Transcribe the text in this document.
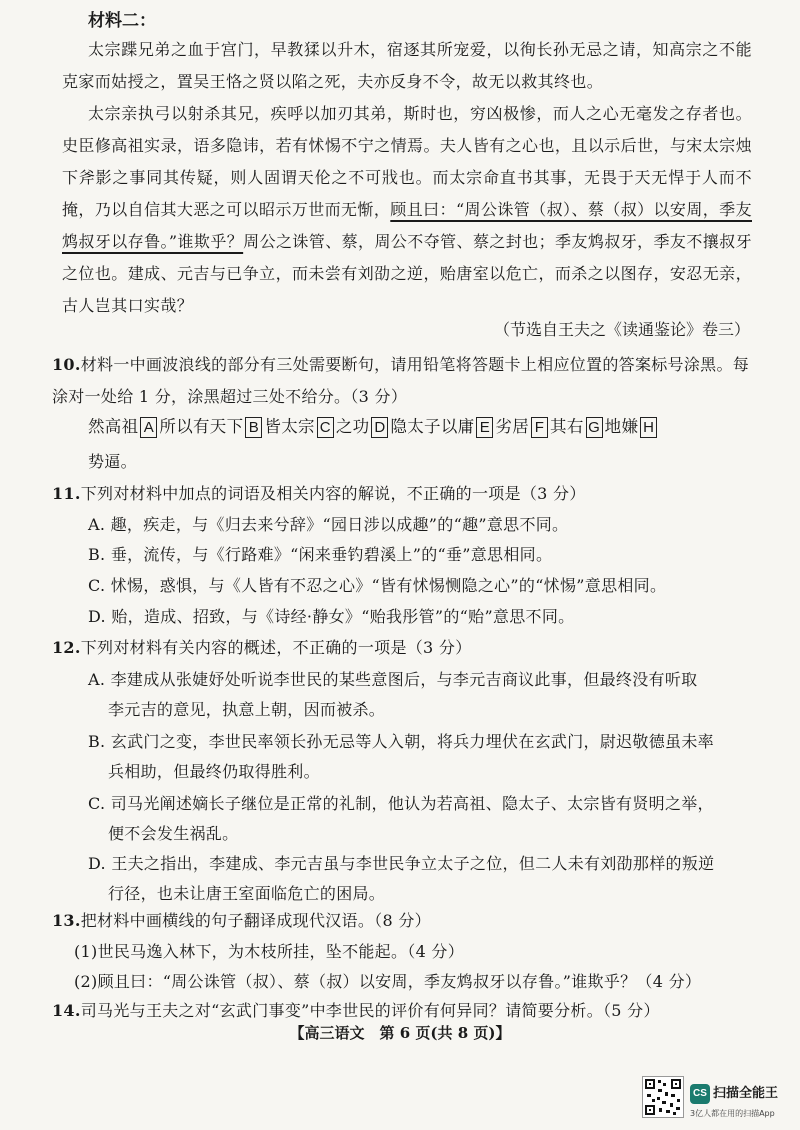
材料二：
太宗蹀兄弟之血于宫门，早教猱以升木，宿逐其所宠爱，以徇长孙无忌之请，知高宗之不能克家而姑授之，置吴王恪之贤以陷之死，夫亦反身不令，故无以救其终也。
太宗亲执弓以射杀其兄，疾呼以加刃其弟，斯时也，穷凶极惨，而人之心无毫发之存者也。史臣修高祖实录，语多隐讳，若有怵惕不宁之情焉。夫人皆有之心也，且以示后世，与宋太宗烛下斧影之事同其传疑，则人固谓天伦之不可戕也。而太宗命直书其事，无畏于天无悍于人而不掩，乃以自信其大恶之可以昭示万世而无惭，顾且曰：“周公诛管（叔）、蔡（叔）以安周，季友鸩叔牙以存鲁。”谁欺乎？周公之诛管、蔡，周公不夺管、蔡之封也；季友鸩叔牙，季友不攘叔牙之位也。建成、元吉与已争立，而未尝有刘劭之逆，贻唐室以危亡，而杀之以图存，安忍无亲，古人岂其口实哉？
（节选自王夫之《读通鉴论》卷三）
10.材料一中画波浪线的部分有三处需要断句，请用铅笔将答题卡上相应位置的答案标号涂黑。每涂对一处给 1 分，涂黑超过三处不给分。（3 分）
然高祖 A 所以有天下 B 皆太宗 C 之功 D 隐太子以庸 E 劣居 F 其右 G 地嫌 H
势逼。
11.下列对材料中加点的词语及相关内容的解说，不正确的一项是（3 分）
A. 趣，疾走，与《归去来兮辞》“园日涉以成趣”的“趣”意思不同。
B. 垂，流传，与《行路难》“闲来垂钓碧溪上”的“垂”意思相同。
C. 怵惕，惑惧，与《人皆有不忍之心》“皆有怵惕恻隐之心”的“怵惕”意思相同。
D. 贻，造成、招致，与《诗经·静女》“贻我彤管”的“贻”意思不同。
12.下列对材料有关内容的概述，不正确的一项是（3 分）
A. 李建成从张婕妤处听说李世民的某些意图后，与李元吉商议此事，但最终没有听取
李元吉的意见，执意上朝，因而被杀。
B. 玄武门之变，李世民率领长孙无忌等人入朝，将兵力埋伏在玄武门，尉迟敬德虽未率
兵相助，但最终仍取得胜利。
C. 司马光阐述嫡长子继位是正常的礼制，他认为若高祖、隐太子、太宗皆有贤明之举，
便不会发生祸乱。
D. 王夫之指出，李建成、李元吉虽与李世民争立太子之位，但二人未有刘劭那样的叛逆
行径，也未让唐王室面临危亡的困局。
13.把材料中画横线的句子翻译成现代汉语。（8 分）
(1)世民马逸入林下，为木枝所挂，坠不能起。（4 分）
(2)顾且曰：“周公诛管（叔）、蔡（叔）以安周，季友鸩叔牙以存鲁。”谁欺乎？（4 分）
14.司马光与王夫之对“玄武门事变”中李世民的评价有何异同？请简要分析。（5 分）
【高三语文　第 6 页(共 8 页)】
CS 扫描全能王
3亿人都在用的扫描App
